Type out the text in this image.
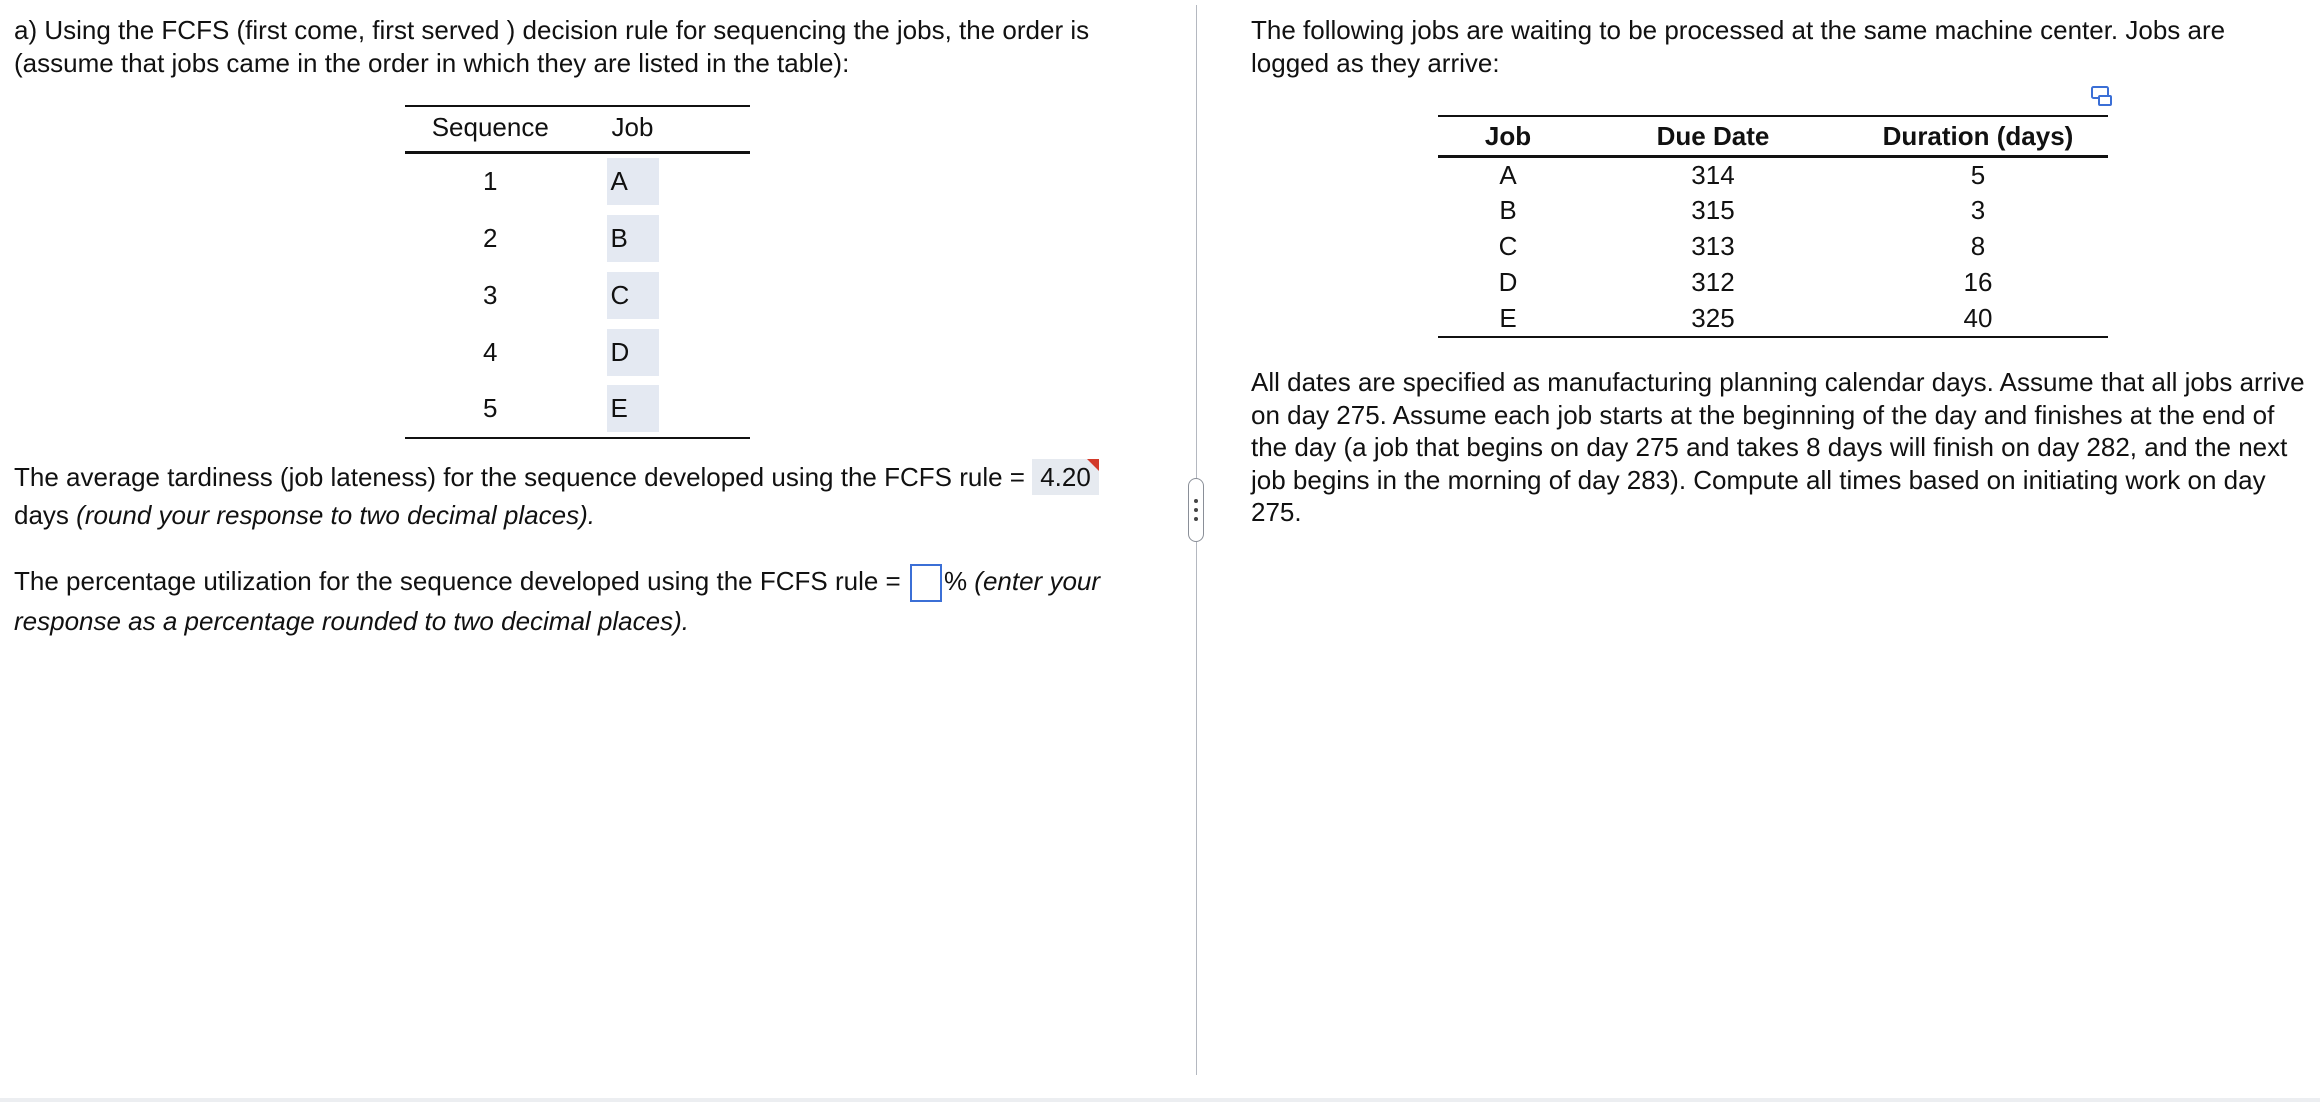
a) Using the FCFS (first come, first served ) decision rule for sequencing the jobs, the order is (assume that jobs came in the order in which they are listed in the table):

Sequence	Job
1	A
2	B
3	C
4	D
5	E

The average tardiness (job lateness) for the sequence developed using the FCFS rule = 4.20

days (round your response to two decimal places).

The percentage utilization for the sequence developed using the FCFS rule = % (enter your response as a percentage rounded to two decimal places).

The following jobs are waiting to be processed at the same machine center. Jobs are logged as they arrive:

Job	Due Date	Duration (days)
A	314	5
B	315	3
C	313	8
D	312	16
E	325	40

All dates are specified as manufacturing planning calendar days. Assume that all jobs arrive on day 275. Assume each job starts at the beginning of the day and finishes at the end of the day (a job that begins on day 275 and takes 8 days will finish on day 282, and the next job begins in the morning of day 283). Compute all times based on initiating work on day 275.
